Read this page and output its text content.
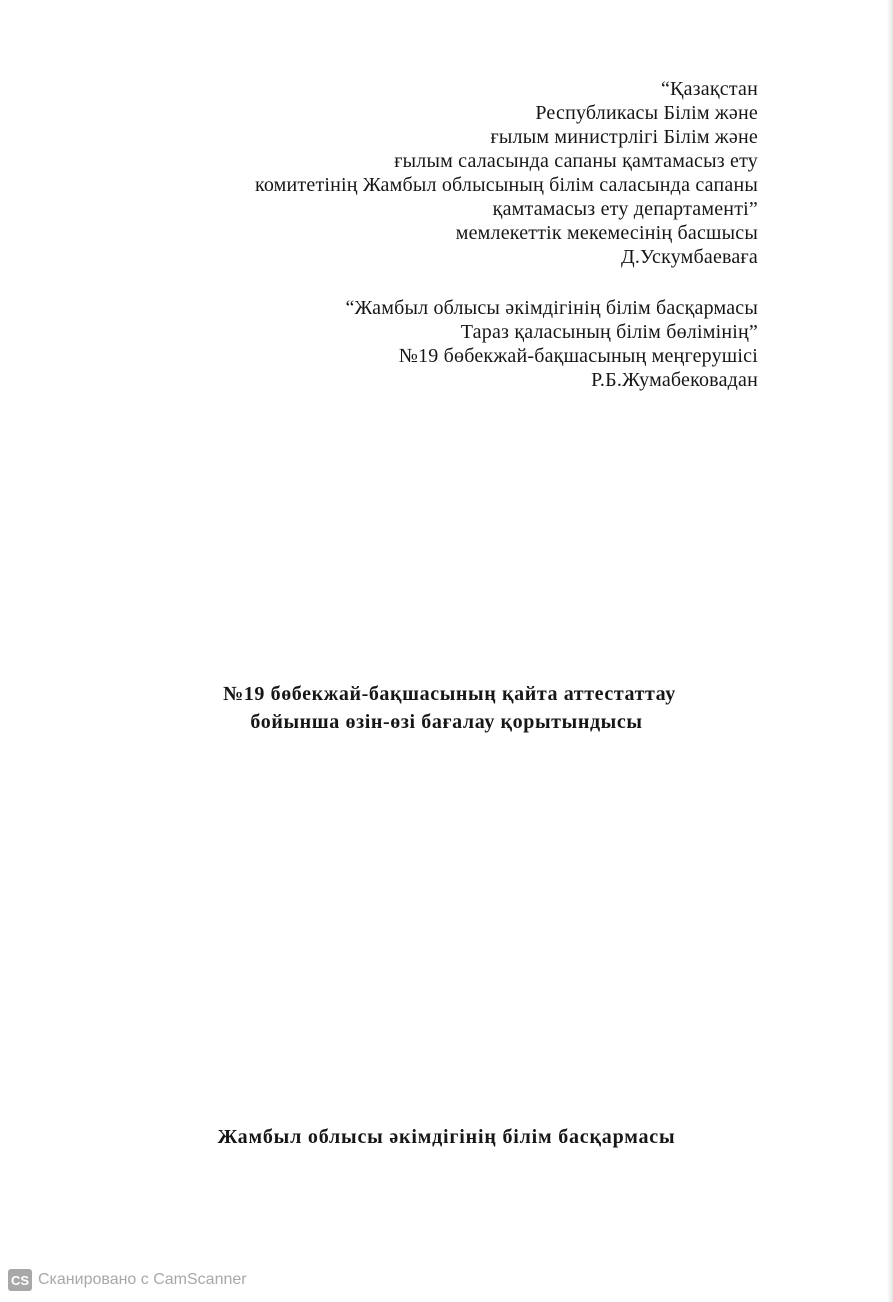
“Қазақстан
Республикасы Білім және
ғылым министрлігі Білім және
ғылым саласында сапаны қамтамасыз ету
комитетінің Жамбыл облысының білім саласында сапаны
қамтамасыз ету департаменті”
мемлекеттік мекемесінің басшысы
Д.Ускумбаеваға
“Жамбыл облысы әкімдігінің білім басқармасы
Тараз қаласының білім бөлімінің”
№19 бөбекжай-бақшасының меңгерушісі
Р.Б.Жумабековадан
№19 бөбекжай-бақшасының қайта аттестаттау
бойынша өзін-өзі бағалау қорытындысы
Жамбыл облысы әкімдігінің білім басқармасы
CS Сканировано с CamScanner
